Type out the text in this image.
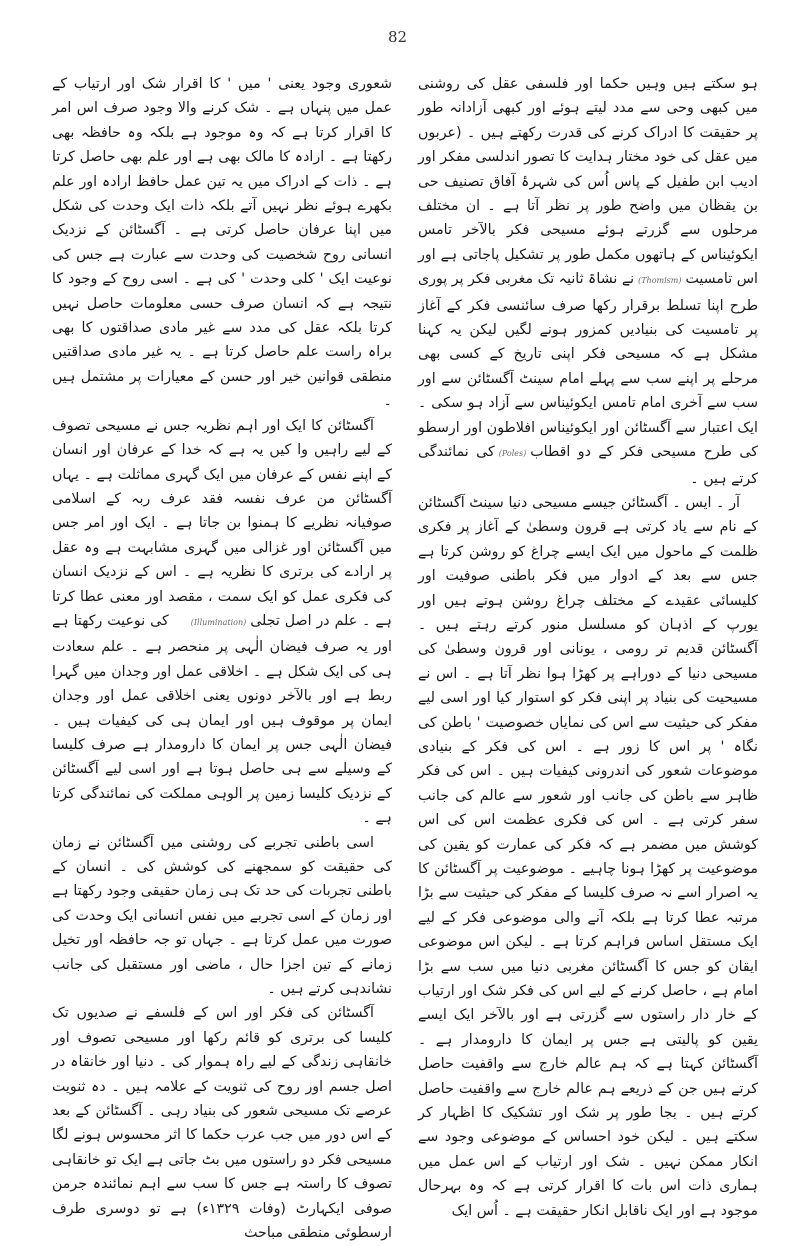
82

ہو سکتے ہیں وہیں حکما اور فلسفی عقل کی روشنی میں کبھی وحی سے مدد لیتے ہوئے اور کبھی آزادانہ طور پر حقیقت کا ادراک کرنے کی قدرت رکھتے ہیں ۔ (عربوں میں عقل کی خود مختار ہدایت کا تصور اندلسی مفکر اور ادیب ابن طفیل کے پاس اُس کی شہرۂ آفاق تصنیف حی بن یقظان میں واضح طور پر نظر آتا ہے ۔ ان مختلف مرحلوں سے گزرتے ہوئے مسیحی فکر بالآخر تامس ایکوئیناس کے ہاتھوں مکمل طور پر تشکیل پاجاتی ہے اور اس تامسیت(Thomism)نے نشاۃ ثانیہ تک مغربی فکر پر پوری طرح اپنا تسلط برقرار رکھا صرف سائنسی فکر کے آغاز پر تامسیت کی بنیادیں کمزور ہونے لگیں لیکن یہ کہنا مشکل ہے کہ مسیحی فکر اپنی تاریخ کے کسی بھی مرحلے پر اپنے سب سے پہلے امام سینٹ آگسٹائن سے اور سب سے آخری امام تامس ایکوئیناس سے آزاد ہو سکی ۔ ایک اعتبار سے آگسٹائن اور ایکوئیناس افلاطون اور ارسطو کی طرح مسیحی فکر کے دو اقطاب(Poles)کی نمائندگی کرتے ہیں ۔

آر ۔ ایس ۔ آگسٹائن جیسے مسیحی دنیا سینٹ آگسٹائن کے نام سے یاد کرتی ہے قرون وسطیٰ کے آغاز پر فکری ظلمت کے ماحول میں ایک ایسے چراغ کو روشن کرتا ہے جس سے بعد کے ادوار میں فکر باطنی صوفیت اور کلیسائی عقیدے کے مختلف چراغ روشن ہوتے ہیں اور یورپ کے اذہان کو مسلسل منور کرتے رہتے ہیں ۔ آگسٹائن قدیم تر رومی ، یونانی اور قرون وسطیٰ کی مسیحی دنیا کے دوراہے پر کھڑا ہوا نظر آتا ہے ۔ اس نے مسیحیت کی بنیاد پر اپنی فکر کو استوار کیا اور اسی لیے مفکر کی حیثیت سے اس کی نمایاں خصوصیت ' باطن کی نگاہ ' پر اس کا زور ہے ۔ اس کی فکر کے بنیادی موضوعات شعور کی اندرونی کیفیات ہیں ۔ اس کی فکر ظاہر سے باطن کی جانب اور شعور سے عالم کی جانب سفر کرتی ہے ۔ اس کی فکری عظمت اس کی اس کوشش میں مضمر ہے کہ فکر کی عمارت کو یقین کی موضوعیت پر کھڑا ہونا چاہیے ۔ موضوعیت پر آگسٹائن کا یہ اصرار اسے نہ صرف کلیسا کے مفکر کی حیثیت سے بڑا مرتبہ عطا کرتا ہے بلکہ آنے والی موضوعی فکر کے لیے ایک مستقل اساس فراہم کرتا ہے ۔ لیکن اس موضوعی ایقان کو جس کا آگسٹائن مغربی دنیا میں سب سے بڑا امام ہے ، حاصل کرنے کے لیے اس کی فکر شک اور ارتیاب کے خار دار راستوں سے گزرتی ہے اور بالآخر ایک ایسے یقین کو پالیتی ہے جس پر ایمان کا دارومدار ہے ۔ آگسٹائن کہتا ہے کہ ہم عالم خارج سے واقفیت حاصل کرتے ہیں جن کے ذریعے ہم عالم خارج سے واقفیت حاصل کرتے ہیں ۔ بجا طور پر شک اور تشکیک کا اظہار کر سکتے ہیں ۔ لیکن خود احساس کے موضوعی وجود سے انکار ممکن نہیں ۔ شک اور ارتیاب کے اس عمل میں ہماری ذات اس بات کا اقرار کرتی ہے کہ وہ بہرحال موجود ہے اور ایک ناقابل انکار حقیقت ہے ۔ اُس ایک

شعوری وجود یعنی ' میں ' کا اقرار شک اور ارتیاب کے عمل میں پنہاں ہے ۔ شک کرنے والا وجود صرف اس امر کا اقرار کرتا ہے کہ وہ موجود ہے بلکہ وہ حافظہ بھی رکھتا ہے ۔ ارادہ کا مالک بھی ہے اور علم بھی حاصل کرتا ہے ۔ ذات کے ادراک میں یہ تین عمل حافظ ارادہ اور علم بکھرے ہوئے نظر نہیں آتے بلکہ ذات ایک وحدت کی شکل میں اپنا عرفان حاصل کرتی ہے ۔ آگسٹائن کے نزدیک انسانی روح شخصیت کی وحدت سے عبارت ہے جس کی نوعیت ایک ' کلی وحدت ' کی ہے ۔ اسی روح کے وجود کا نتیجہ ہے کہ انسان صرف حسی معلومات حاصل نہیں کرتا بلکہ عقل کی مدد سے غیر مادی صداقتوں کا بھی براہ راست علم حاصل کرتا ہے ۔ یہ غیر مادی صداقتیں منطقی قوانین خیر اور حسن کے معیارات پر مشتمل ہیں ۔

آگسٹائن کا ایک اور اہم نظریہ جس نے مسیحی تصوف کے لیے راہیں وا کیں یہ ہے کہ خدا کے عرفان اور انسان کے اپنے نفس کے عرفان میں ایک گہری مماثلت ہے ۔ یہاں آگسٹائن من عرف نفسہ فقد عرف ربہ کے اسلامی صوفیانہ نظریے کا ہمنوا بن جاتا ہے ۔ ایک اور امر جس میں آگسٹائن اور غزالی میں گہری مشابہت ہے وہ عقل پر ارادے کی برتری کا نظریہ ہے ۔ اس کے نزدیک انسان کی فکری عمل کو ایک سمت ، مقصد اور معنی عطا کرتا ہے ۔ علم در اصل تجلی(Illumination)کی نوعیت رکھتا ہے اور یہ صرف فیضان الٰہی پر منحصر ہے ۔ علم سعادت ہی کی ایک شکل ہے ۔ اخلاقی عمل اور وجدان میں گہرا ربط ہے اور بالآخر دونوں یعنی اخلاقی عمل اور وجدان ایمان پر موقوف ہیں اور ایمان ہی کی کیفیات ہیں ۔ فیضان الٰہی جس پر ایمان کا دارومدار ہے صرف کلیسا کے وسیلے سے ہی حاصل ہوتا ہے اور اسی لیے آگسٹائن کے نزدیک کلیسا زمین پر الوہی مملکت کی نمائندگی کرتا ہے ۔

اسی باطنی تجربے کی روشنی میں آگسٹائن نے زمان کی حقیقت کو سمجھنے کی کوشش کی ۔ انسان کے باطنی تجربات کی حد تک ہی زمان حقیقی وجود رکھتا ہے اور زمان کے اسی تجربے میں نفس انسانی ایک وحدت کی صورت میں عمل کرتا ہے ۔ جہاں تو جہ حافظہ اور تخیل زمانے کے تین اجزا حال ، ماضی اور مستقبل کی جانب نشاندہی کرتے ہیں ۔

آگسٹائن کی فکر اور اس کے فلسفے نے صدیوں تک کلیسا کی برتری کو قائم رکھا اور مسیحی تصوف اور خانقاہی زندگی کے لیے راہ ہموار کی ۔ دنیا اور خانقاہ در اصل جسم اور روح کی ثنویت کے علامہ ہیں ۔ دہ ثنویت عرصے تک مسیحی شعور کی بنیاد رہی ۔ آگسٹائن کے بعد کے اس دور میں جب عرب حکما کا اثر محسوس ہونے لگا مسیحی فکر دو راستوں میں بٹ جاتی ہے ایک تو خانقاہی تصوف کا راستہ ہے جس کا سب سے اہم نمائندہ جرمن صوفی ایکہارٹ (وفات ۱۳۲۹ء) ہے تو دوسری طرف ارسطوئی منطقی مباحث
